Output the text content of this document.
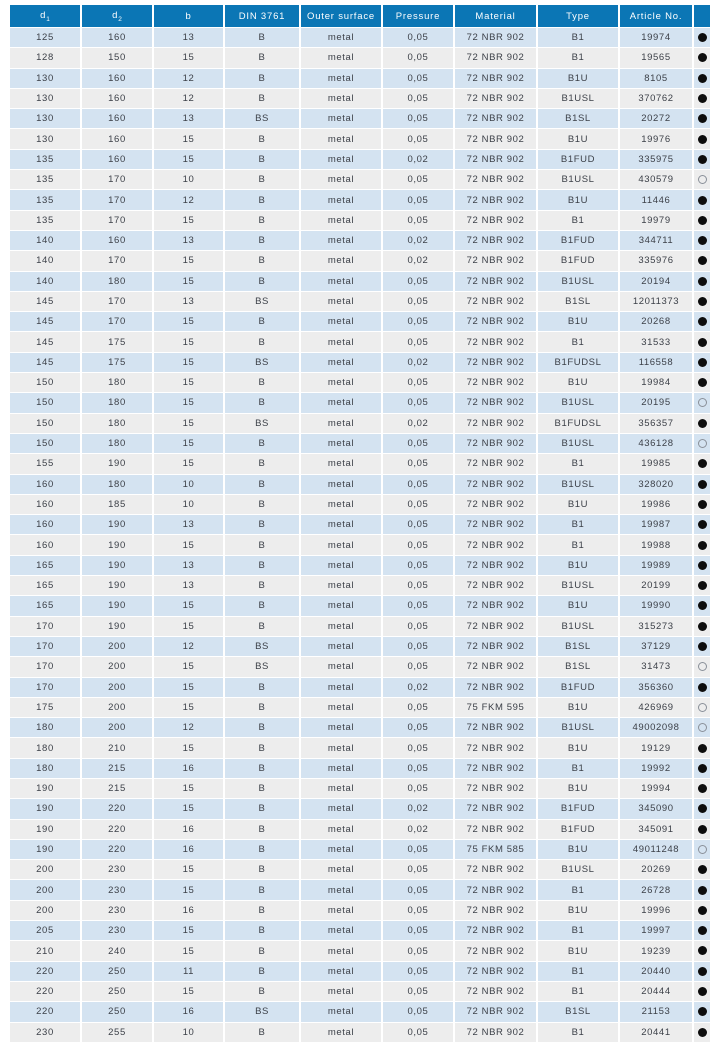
$d_1$	$d_2$	b	DIN 3761	Outer surface	Pressure	Material	Type	Article No.	
125	160	13	B	metal	0,05	72 NBR 902	B1	19974	
128	150	15	B	metal	0,05	72 NBR 902	B1	19565	
130	160	12	B	metal	0,05	72 NBR 902	B1U	8105	
130	160	12	B	metal	0,05	72 NBR 902	B1USL	370762	
130	160	13	BS	metal	0,05	72 NBR 902	B1SL	20272	
130	160	15	B	metal	0,05	72 NBR 902	B1U	19976	
135	160	15	B	metal	0,02	72 NBR 902	B1FUD	335975	
135	170	10	B	metal	0,05	72 NBR 902	B1USL	430579	
135	170	12	B	metal	0,05	72 NBR 902	B1U	11446	
135	170	15	B	metal	0,05	72 NBR 902	B1	19979	
140	160	13	B	metal	0,02	72 NBR 902	B1FUD	344711	
140	170	15	B	metal	0,02	72 NBR 902	B1FUD	335976	
140	180	15	B	metal	0,05	72 NBR 902	B1USL	20194	
145	170	13	BS	metal	0,05	72 NBR 902	B1SL	12011373	
145	170	15	B	metal	0,05	72 NBR 902	B1U	20268	
145	175	15	B	metal	0,05	72 NBR 902	B1	31533	
145	175	15	BS	metal	0,02	72 NBR 902	B1FUDSL	116558	
150	180	15	B	metal	0,05	72 NBR 902	B1U	19984	
150	180	15	B	metal	0,05	72 NBR 902	B1USL	20195	
150	180	15	BS	metal	0,02	72 NBR 902	B1FUDSL	356357	
150	180	15	B	metal	0,05	72 NBR 902	B1USL	436128	
155	190	15	B	metal	0,05	72 NBR 902	B1	19985	
160	180	10	B	metal	0,05	72 NBR 902	B1USL	328020	
160	185	10	B	metal	0,05	72 NBR 902	B1U	19986	
160	190	13	B	metal	0,05	72 NBR 902	B1	19987	
160	190	15	B	metal	0,05	72 NBR 902	B1	19988	
165	190	13	B	metal	0,05	72 NBR 902	B1U	19989	
165	190	13	B	metal	0,05	72 NBR 902	B1USL	20199	
165	190	15	B	metal	0,05	72 NBR 902	B1U	19990	
170	190	15	B	metal	0,05	72 NBR 902	B1USL	315273	
170	200	12	BS	metal	0,05	72 NBR 902	B1SL	37129	
170	200	15	BS	metal	0,05	72 NBR 902	B1SL	31473	
170	200	15	B	metal	0,02	72 NBR 902	B1FUD	356360	
175	200	15	B	metal	0,05	75 FKM 595	B1U	426969	
180	200	12	B	metal	0,05	72 NBR 902	B1USL	49002098	
180	210	15	B	metal	0,05	72 NBR 902	B1U	19129	
180	215	16	B	metal	0,05	72 NBR 902	B1	19992	
190	215	15	B	metal	0,05	72 NBR 902	B1U	19994	
190	220	15	B	metal	0,02	72 NBR 902	B1FUD	345090	
190	220	16	B	metal	0,02	72 NBR 902	B1FUD	345091	
190	220	16	B	metal	0,05	75 FKM 585	B1U	49011248	
200	230	15	B	metal	0,05	72 NBR 902	B1USL	20269	
200	230	15	B	metal	0,05	72 NBR 902	B1	26728	
200	230	16	B	metal	0,05	72 NBR 902	B1U	19996	
205	230	15	B	metal	0,05	72 NBR 902	B1	19997	
210	240	15	B	metal	0,05	72 NBR 902	B1U	19239	
220	250	11	B	metal	0,05	72 NBR 902	B1	20440	
220	250	15	B	metal	0,05	72 NBR 902	B1	20444	
220	250	16	BS	metal	0,05	72 NBR 902	B1SL	21153	
230	255	10	B	metal	0,05	72 NBR 902	B1	20441	
